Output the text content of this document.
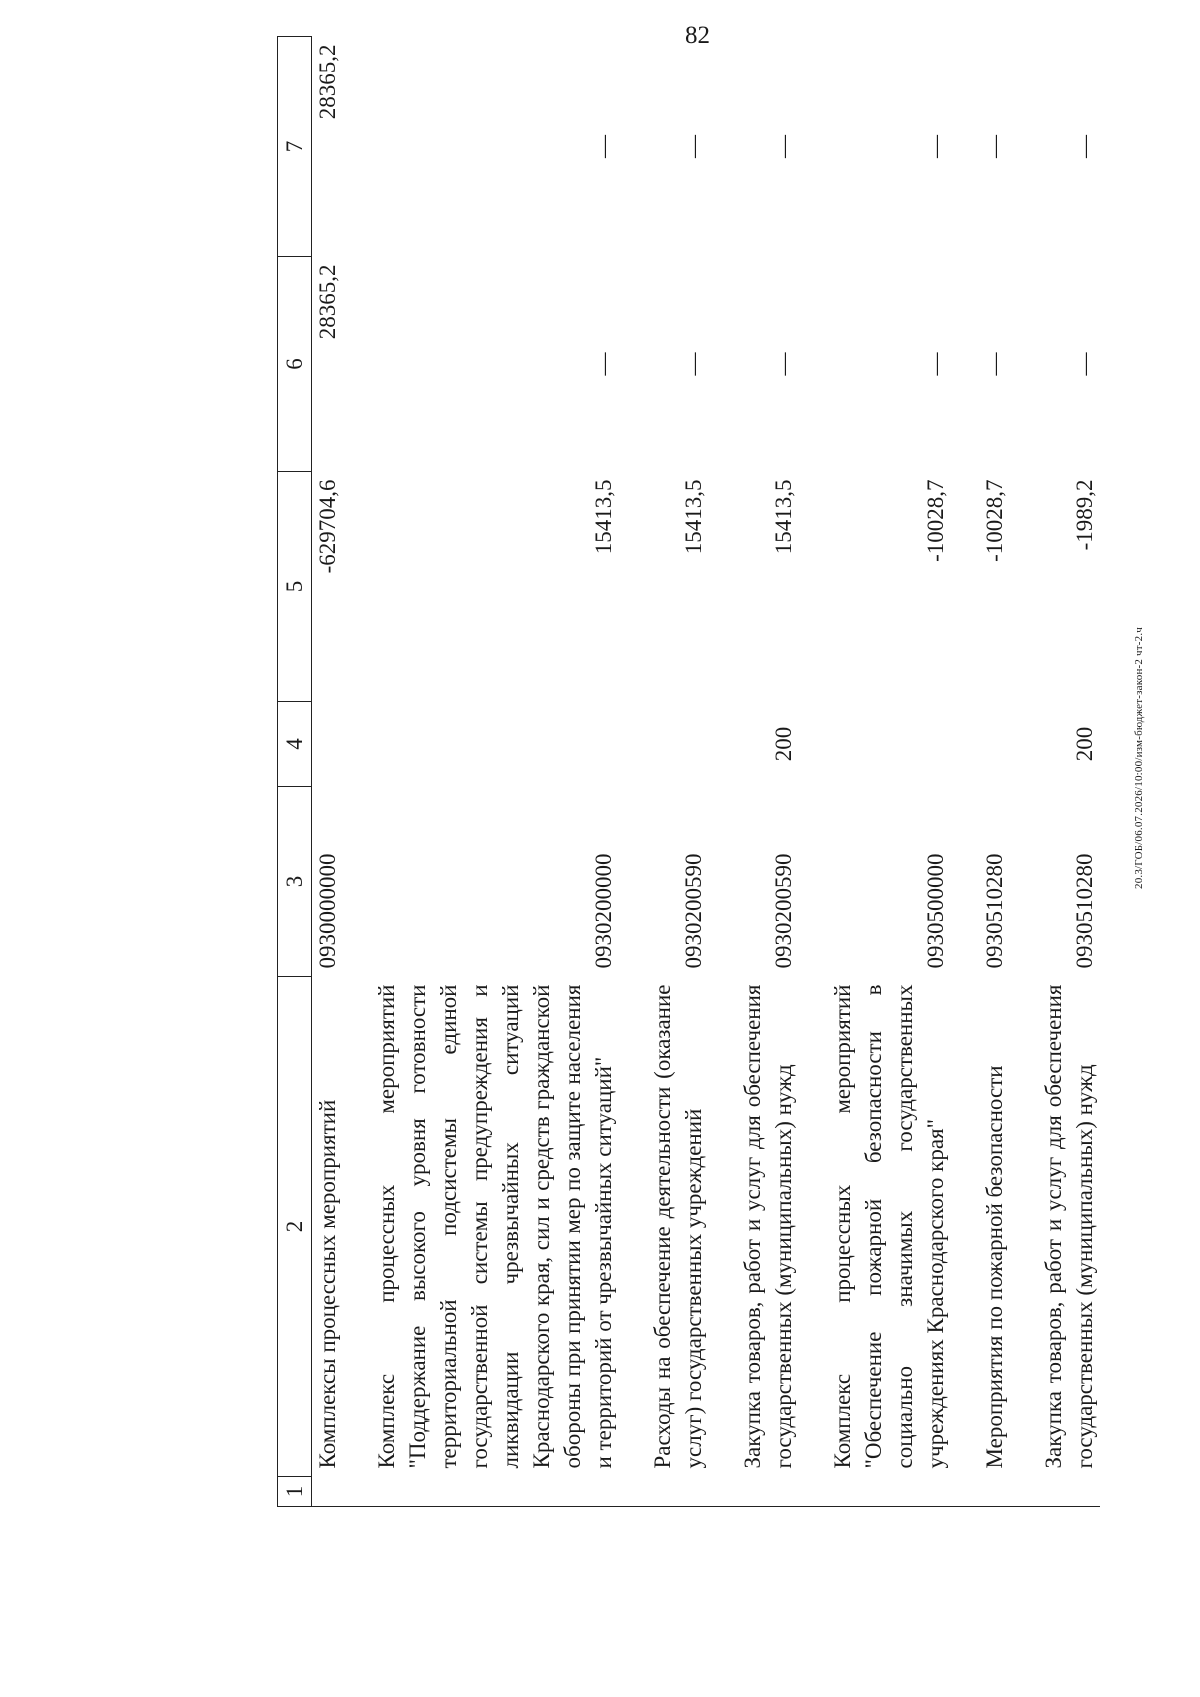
82
20.3/ГОБ/06.07.2026/10:00/изм-бюджет-закон-2 чт-2.ч
1	2	3	4	5	6	7
	Комплексы процессных мероприятий	0930000000		-629704,6	28365,2	28365,2
	Комплекс процессных мероприятий "Поддержание высокого уровня готовности территориальной подсистемы единой государственной системы предупреждения и ликвидации чрезвычайных ситуаций Краснодарского края, сил и средств гражданской обороны при принятии мер по защите населения и территорий от чрезвычайных ситуаций"	0930200000		15413,5	—	—
	Расходы на обеспечение деятельности (оказание услуг) государственных учреждений	0930200590		15413,5	—	—
	Закупка товаров, работ и услуг для обеспечения государственных (муниципальных) нужд	0930200590	200	15413,5	—	—
	Комплекс процессных мероприятий "Обеспечение пожарной безопасности в социально значимых государственных учреждениях Краснодарского края"	0930500000		-10028,7	—	—
	Мероприятия по пожарной безопасности	0930510280		-10028,7	—	—
	Закупка товаров, работ и услуг для обеспечения государственных (муниципальных) нужд	0930510280	200	-1989,2	—	—
